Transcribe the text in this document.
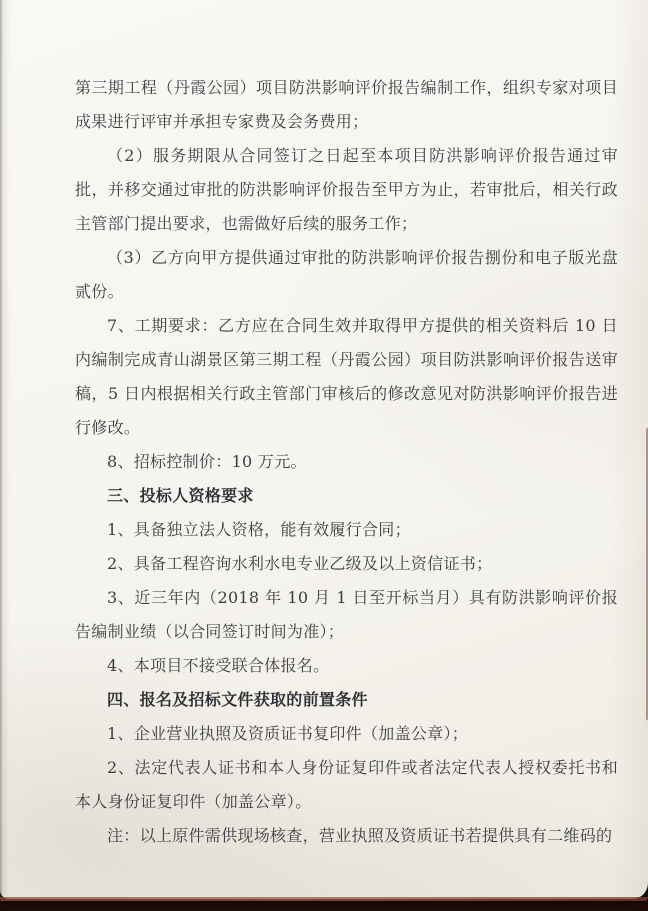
第三期工程（丹霞公园）项目防洪影响评价报告编制工作，组织专家对项目成果进行评审并承担专家费及会务费用；

（2）服务期限从合同签订之日起至本项目防洪影响评价报告通过审批，并移交通过审批的防洪影响评价报告至甲方为止，若审批后，相关行政主管部门提出要求，也需做好后续的服务工作；

（3）乙方向甲方提供通过审批的防洪影响评价报告捌份和电子版光盘贰份。

7、工期要求：乙方应在合同生效并取得甲方提供的相关资料后 10 日内编制完成青山湖景区第三期工程（丹霞公园）项目防洪影响评价报告送审稿，5 日内根据相关行政主管部门审核后的修改意见对防洪影响评价报告进行修改。

8、招标控制价：10 万元。

三、投标人资格要求

1、具备独立法人资格，能有效履行合同；

2、具备工程咨询水利水电专业乙级及以上资信证书；

3、近三年内（2018 年 10 月 1 日至开标当月）具有防洪影响评价报告编制业绩（以合同签订时间为准）；

4、本项目不接受联合体报名。

四、报名及招标文件获取的前置条件

1、企业营业执照及资质证书复印件（加盖公章）；

2、法定代表人证书和本人身份证复印件或者法定代表人授权委托书和本人身份证复印件（加盖公章）。

注：以上原件需供现场核查，营业执照及资质证书若提供具有二维码的
